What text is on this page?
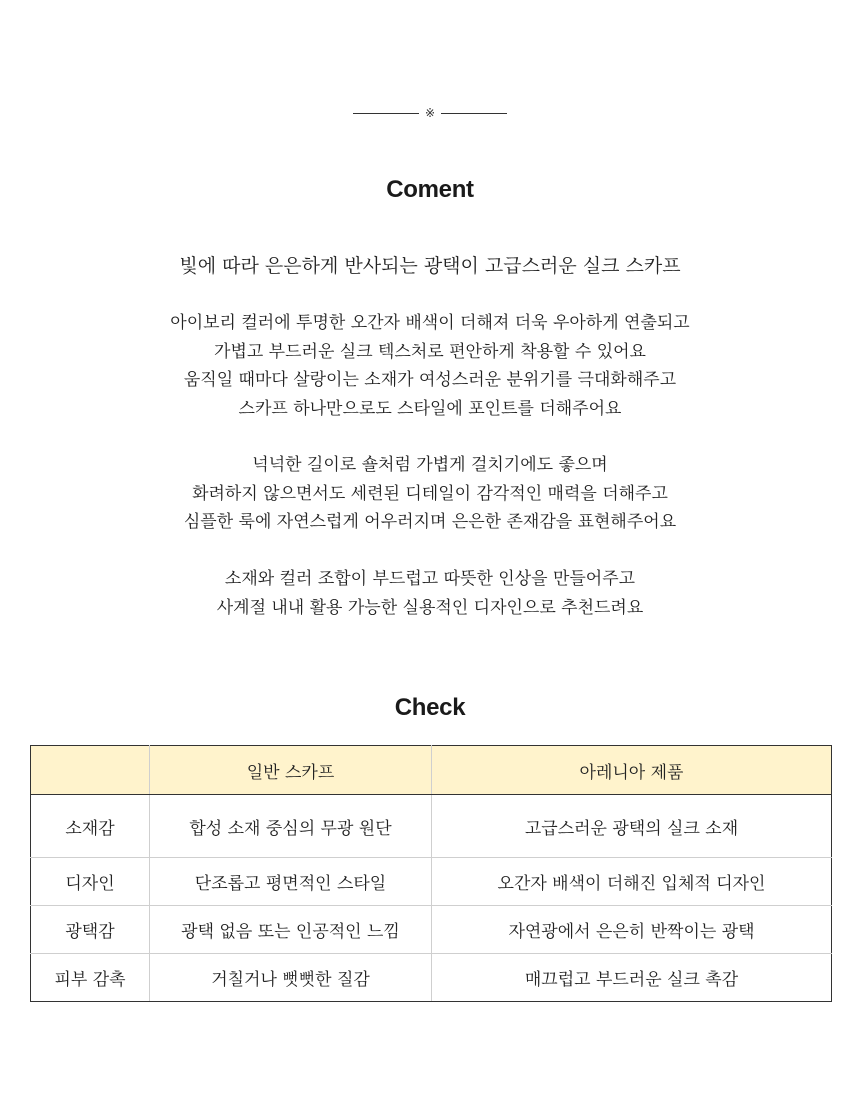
※
Coment

빛에 따라 은은하게 반사되는 광택이 고급스러운 실크 스카프

아이보리 컬러에 투명한 오간자 배색이 더해져 더욱 우아하게 연출되고
가볍고 부드러운 실크 텍스처로 편안하게 착용할 수 있어요
움직일 때마다 살랑이는 소재가 여성스러운 분위기를 극대화해주고
스카프 하나만으로도 스타일에 포인트를 더해주어요

넉넉한 길이로 숄처럼 가볍게 걸치기에도 좋으며
화려하지 않으면서도 세련된 디테일이 감각적인 매력을 더해주고
심플한 룩에 자연스럽게 어우러지며 은은한 존재감을 표현해주어요

소재와 컬러 조합이 부드럽고 따뜻한 인상을 만들어주고
사계절 내내 활용 가능한 실용적인 디자인으로 추천드려요

Check
	일반 스카프	아레니아 제품
소재감	합성 소재 중심의 무광 원단	고급스러운 광택의 실크 소재
디자인	단조롭고 평면적인 스타일	오간자 배색이 더해진 입체적 디자인
광택감	광택 없음 또는 인공적인 느낌	자연광에서 은은히 반짝이는 광택
피부 감촉	거칠거나 뻣뻣한 질감	매끄럽고 부드러운 실크 촉감
